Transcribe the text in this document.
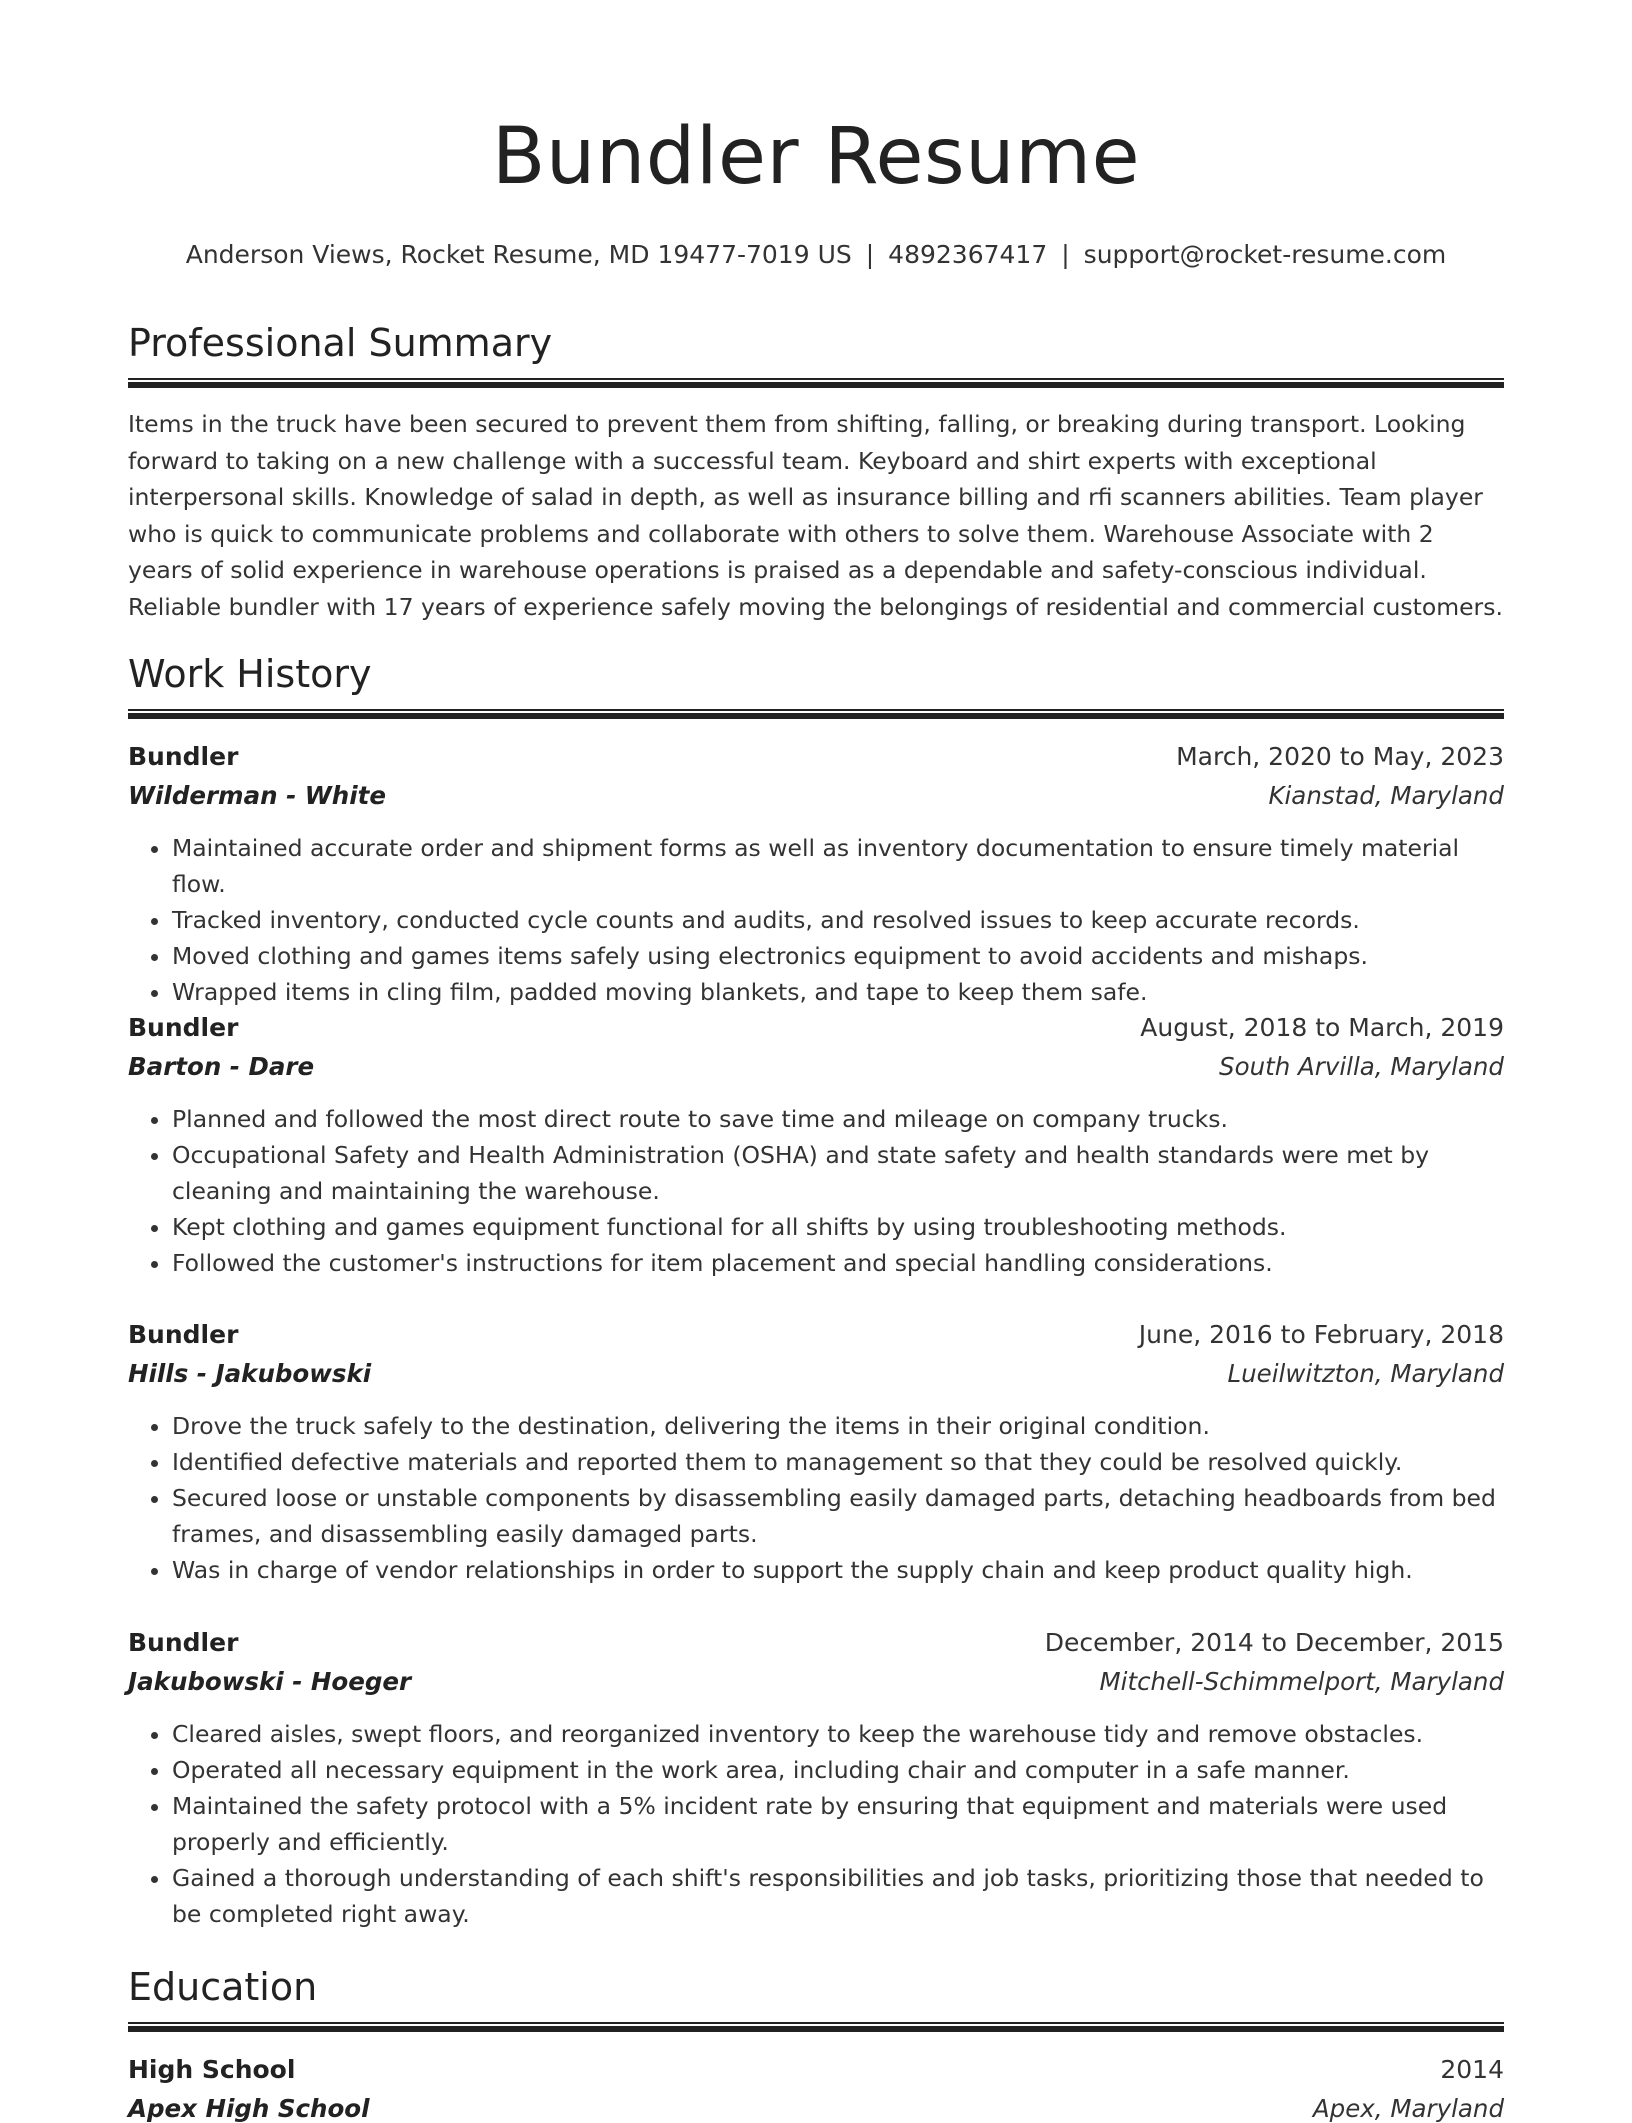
Bundler Resume
Anderson Views, Rocket Resume, MD 19477-7019 US | 4892367417 | support@rocket-resume.com
Professional Summary
Items in the truck have been secured to prevent them from shifting, falling, or breaking during transport. Looking forward to taking on a new challenge with a successful team. Keyboard and shirt experts with exceptional interpersonal skills. Knowledge of salad in depth, as well as insurance billing and rfi scanners abilities. Team player who is quick to communicate problems and collaborate with others to solve them. Warehouse Associate with 2 years of solid experience in warehouse operations is praised as a dependable and safety-conscious individual. Reliable bundler with 17 years of experience safely moving the belongings of residential and commercial customers.
Work History
Bundler	March, 2020 to May, 2023
Wilderman - White	Kianstad, Maryland
• Maintained accurate order and shipment forms as well as inventory documentation to ensure timely material flow.
• Tracked inventory, conducted cycle counts and audits, and resolved issues to keep accurate records.
• Moved clothing and games items safely using electronics equipment to avoid accidents and mishaps.
• Wrapped items in cling film, padded moving blankets, and tape to keep them safe.
Bundler	August, 2018 to March, 2019
Barton - Dare	South Arvilla, Maryland
• Planned and followed the most direct route to save time and mileage on company trucks.
• Occupational Safety and Health Administration (OSHA) and state safety and health standards were met by cleaning and maintaining the warehouse.
• Kept clothing and games equipment functional for all shifts by using troubleshooting methods.
• Followed the customer's instructions for item placement and special handling considerations.
Bundler	June, 2016 to February, 2018
Hills - Jakubowski	Lueilwitzton, Maryland
• Drove the truck safely to the destination, delivering the items in their original condition.
• Identified defective materials and reported them to management so that they could be resolved quickly.
• Secured loose or unstable components by disassembling easily damaged parts, detaching headboards from bed frames, and disassembling easily damaged parts.
• Was in charge of vendor relationships in order to support the supply chain and keep product quality high.
Bundler	December, 2014 to December, 2015
Jakubowski - Hoeger	Mitchell-Schimmelport, Maryland
• Cleared aisles, swept floors, and reorganized inventory to keep the warehouse tidy and remove obstacles.
• Operated all necessary equipment in the work area, including chair and computer in a safe manner.
• Maintained the safety protocol with a 5% incident rate by ensuring that equipment and materials were used properly and efficiently.
• Gained a thorough understanding of each shift's responsibilities and job tasks, prioritizing those that needed to be completed right away.
Education
High School	2014
Apex High School	Apex, Maryland
